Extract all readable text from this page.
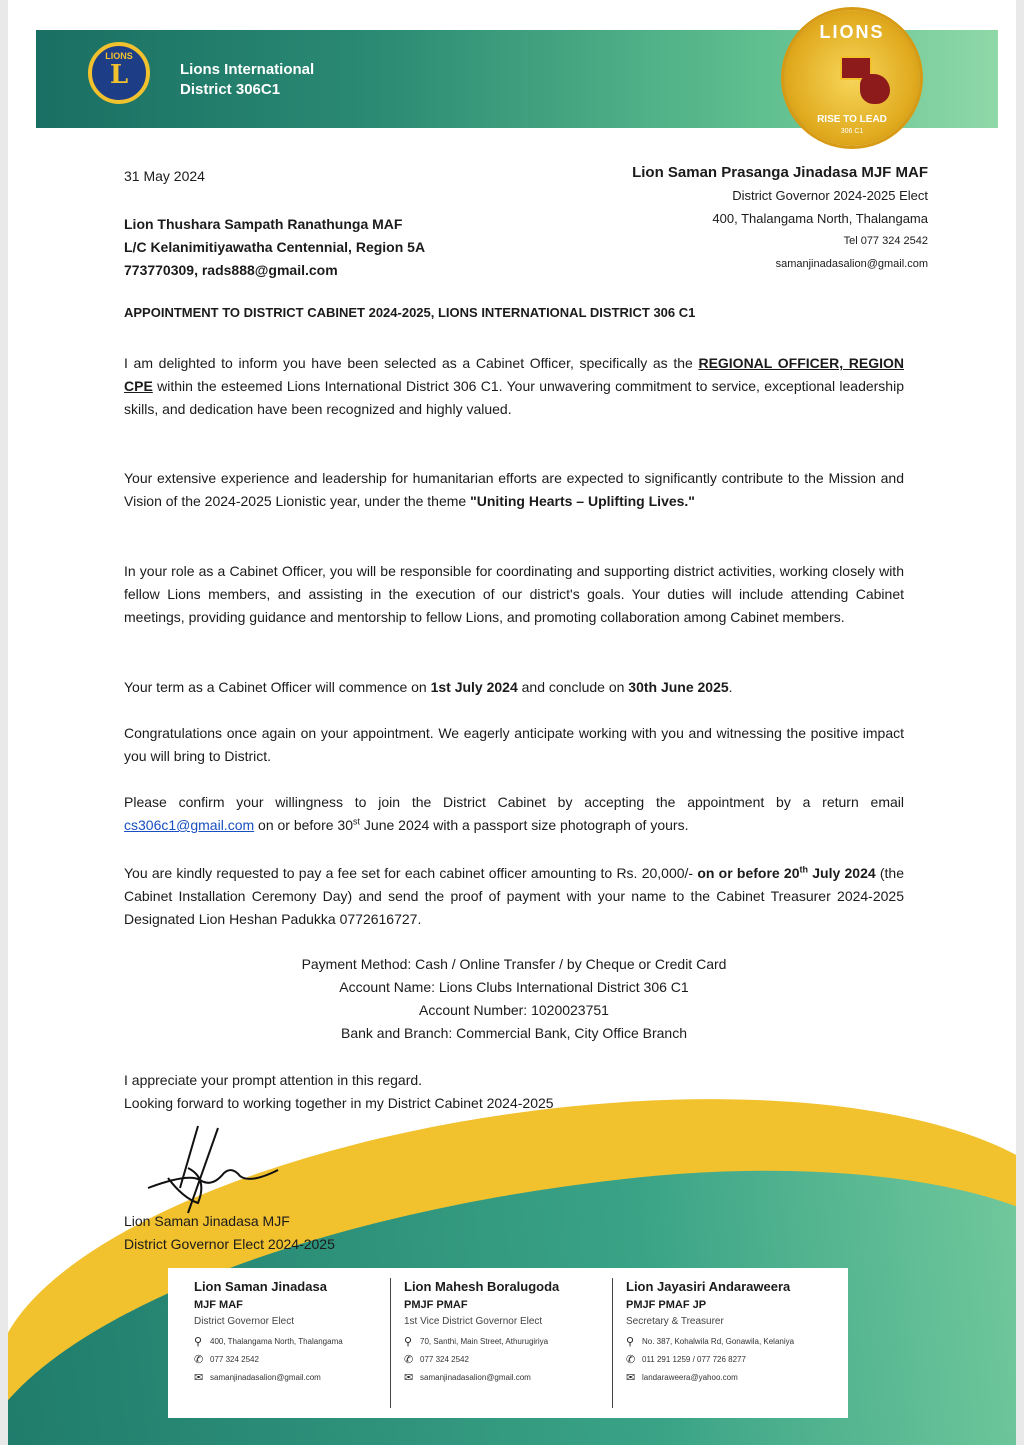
LIONS
L	Lions International
District 306C1
LIONS
RISE TO LEAD
306 C1
31 May 2024
Lion Thushara Sampath Ranathunga MAF
L/C Kelanimitiyawatha Centennial, Region 5A
773770309, rads888@gmail.com
Lion Saman Prasanga Jinadasa MJF MAF
District Governor 2024-2025 Elect
400, Thalangama North, Thalangama
Tel 077 324 2542
samanjinadasalion@gmail.com
APPOINTMENT TO DISTRICT CABINET 2024-2025, LIONS INTERNATIONAL DISTRICT 306 C1
I am delighted to inform you have been selected as a Cabinet Officer, specifically as the REGIONAL OFFICER, REGION CPE within the esteemed Lions International District 306 C1. Your unwavering commitment to service, exceptional leadership skills, and dedication have been recognized and highly valued.
Your extensive experience and leadership for humanitarian efforts are expected to significantly contribute to the Mission and Vision of the 2024-2025 Lionistic year, under the theme "Uniting Hearts – Uplifting Lives."
In your role as a Cabinet Officer, you will be responsible for coordinating and supporting district activities, working closely with fellow Lions members, and assisting in the execution of our district's goals. Your duties will include attending Cabinet meetings, providing guidance and mentorship to fellow Lions, and promoting collaboration among Cabinet members.
Your term as a Cabinet Officer will commence on 1st July 2024 and conclude on 30th June 2025.
Congratulations once again on your appointment. We eagerly anticipate working with you and witnessing the positive impact you will bring to District.
Please confirm your willingness to join the District Cabinet by accepting the appointment by a return email cs306c1@gmail.com on or before 30st June 2024 with a passport size photograph of yours.
You are kindly requested to pay a fee set for each cabinet officer amounting to Rs. 20,000/- on or before 20th July 2024 (the Cabinet Installation Ceremony Day) and send the proof of payment with your name to the Cabinet Treasurer 2024-2025 Designated Lion Heshan Padukka 0772616727.
Payment Method: Cash / Online Transfer / by Cheque or Credit Card
Account Name: Lions Clubs International District 306 C1
Account Number: 1020023751
Bank and Branch: Commercial Bank, City Office Branch
I appreciate your prompt attention in this regard.
Looking forward to working together in my District Cabinet 2024-2025
Lion Saman Jinadasa MJF
District Governor Elect 2024-2025
Lion Saman Jinadasa
MJF MAF
District Governor Elect
⚲ 400, Thalangama North, Thalangama
✆ 077 324 2542
✉ samanjinadasalion@gmail.com
Lion Mahesh Boralugoda
PMJF PMAF
1st Vice District Governor Elect
⚲ 70, Santhi, Main Street, Athurugiriya
✆ 077 324 2542
✉ samanjinadasalion@gmail.com
Lion Jayasiri Andaraweera
PMJF PMAF JP
Secretary & Treasurer
⚲ No. 387, Kohalwila Rd, Gonawila, Kelaniya
✆ 011 291 1259 / 077 726 8277
✉ landaraweera@yahoo.com
